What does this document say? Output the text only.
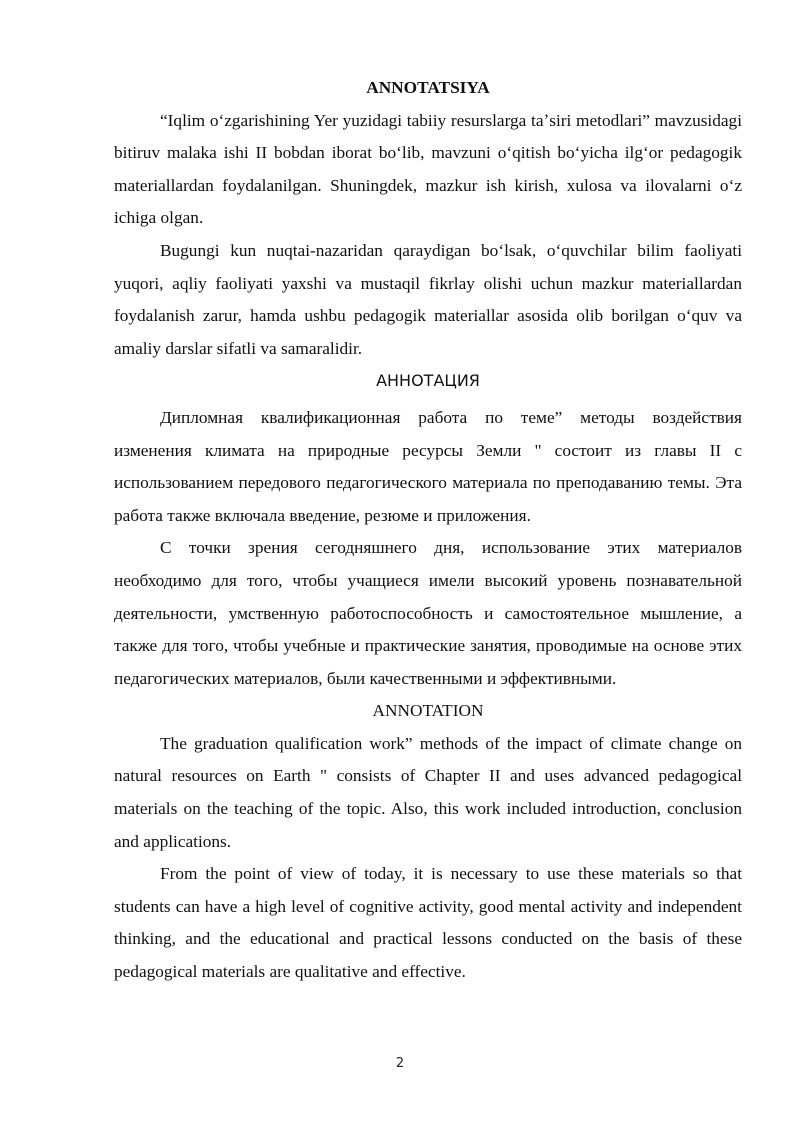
ANNOTATSIYA

“Iqlim oʻzgarishining Yer yuzidagi tabiiy resurslarga taʼsiri metodlari” mavzusidagi bitiruv malaka ishi II bobdan iborat boʻlib, mavzuni oʻqitish boʻyicha ilgʻor pedagogik materiallardan foydalanilgan. Shuningdek, mazkur ish kirish, xulosa va ilovalarni oʻz ichiga olgan.

Bugungi kun nuqtai-nazaridan qaraydigan boʻlsak, oʻquvchilar bilim faoliyati yuqori, aqliy faoliyati yaxshi va mustaqil fikrlay olishi uchun mazkur materiallardan foydalanish zarur, hamda ushbu pedagogik materiallar asosida olib borilgan oʻquv va amaliy darslar sifatli va samaralidir.

АННОТАЦИЯ

Дипломная квалификационная работа по теме” методы воздействия изменения климата на природные ресурсы Земли " состоит из главы II с использованием передового педагогического материала по преподаванию темы. Эта работа также включала введение, резюме и приложения.

С точки зрения сегодняшнего дня, использование этих материалов необходимо для того, чтобы учащиеся имели высокий уровень познавательной деятельности, умственную работоспособность и самостоятельное мышление, а также для того, чтобы учебные и практические занятия, проводимые на основе этих педагогических материалов, были качественными и эффективными.

ANNOTATION

The graduation qualification work” methods of the impact of climate change on natural resources on Earth " consists of Chapter II and uses advanced pedagogical materials on the teaching of the topic. Also, this work included introduction, conclusion and applications.

From the point of view of today, it is necessary to use these materials so that students can have a high level of cognitive activity, good mental activity and independent thinking, and the educational and practical lessons conducted on the basis of these pedagogical materials are qualitative and effective.

2
